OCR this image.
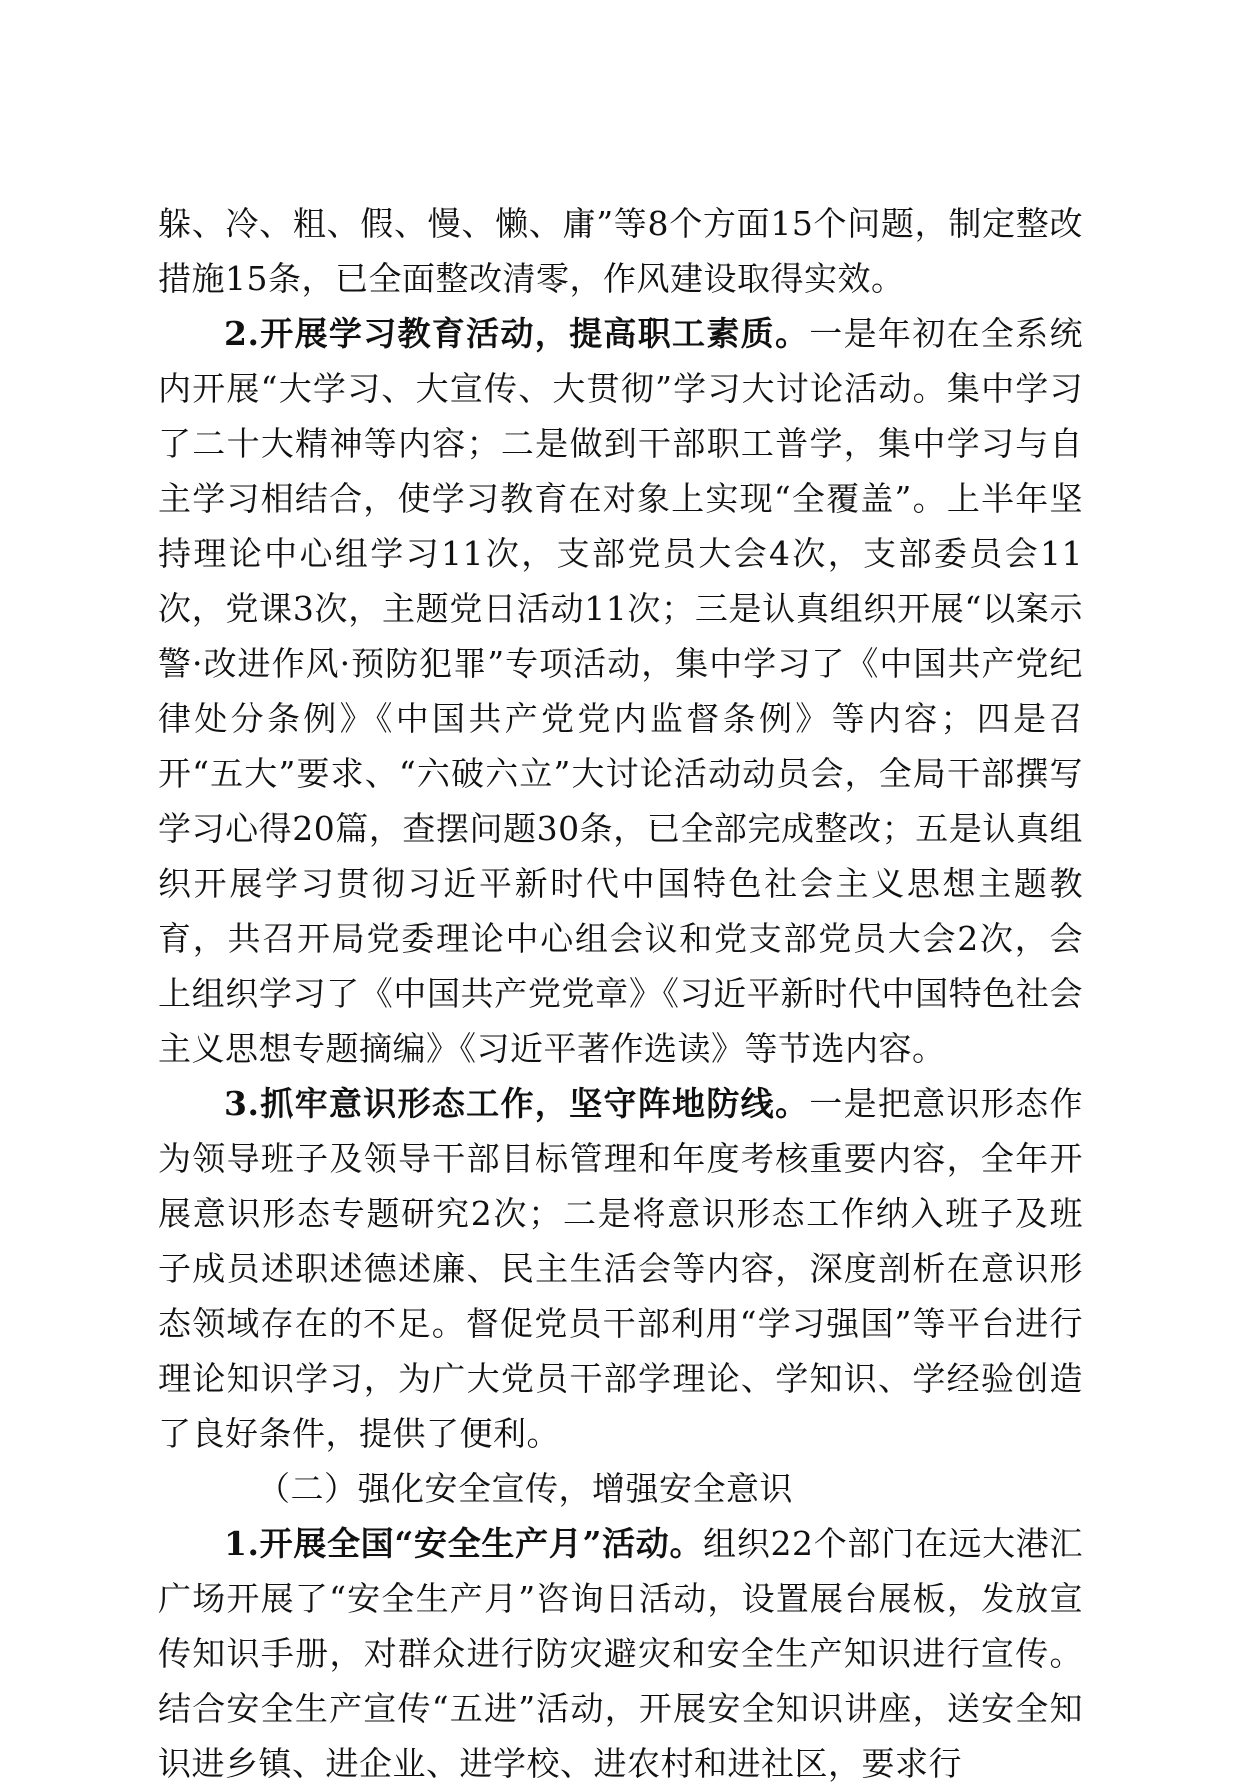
躲、冷、粗、假、慢、懒、庸”等8个方面15个问题，制定整改措施15条，已全面整改清零，作风建设取得实效。

2.开展学习教育活动，提高职工素质。一是年初在全系统内开展“大学习、大宣传、大贯彻”学习大讨论活动。集中学习了二十大精神等内容；二是做到干部职工普学，集中学习与自主学习相结合，使学习教育在对象上实现“全覆盖”。上半年坚持理论中心组学习11次，支部党员大会4次，支部委员会11次，党课3次，主题党日活动11次；三是认真组织开展“以案示警·改进作风·预防犯罪”专项活动，集中学习了《中国共产党纪律处分条例》《中国共产党党内监督条例》等内容；四是召开“五大”要求、“六破六立”大讨论活动动员会，全局干部撰写学习心得20篇，查摆问题30条，已全部完成整改；五是认真组织开展学习贯彻习近平新时代中国特色社会主义思想主题教育，共召开局党委理论中心组会议和党支部党员大会2次，会上组织学习了《中国共产党党章》《习近平新时代中国特色社会主义思想专题摘编》《习近平著作选读》等节选内容。

3.抓牢意识形态工作，坚守阵地防线。一是把意识形态作为领导班子及领导干部目标管理和年度考核重要内容，全年开展意识形态专题研究2次；二是将意识形态工作纳入班子及班子成员述职述德述廉、民主生活会等内容，深度剖析在意识形态领域存在的不足。督促党员干部利用“学习强国”等平台进行理论知识学习，为广大党员干部学理论、学知识、学经验创造了良好条件，提供了便利。

（二）强化安全宣传，增强安全意识

1.开展全国“安全生产月”活动。组织22个部门在远大港汇广场开展了“安全生产月”咨询日活动，设置展台展板，发放宣传知识手册，对群众进行防灾避灾和安全生产知识进行宣传。结合安全生产宣传“五进”活动，开展安全知识讲座，送安全知识进乡镇、进企业、进学校、进农村和进社区，要求行
